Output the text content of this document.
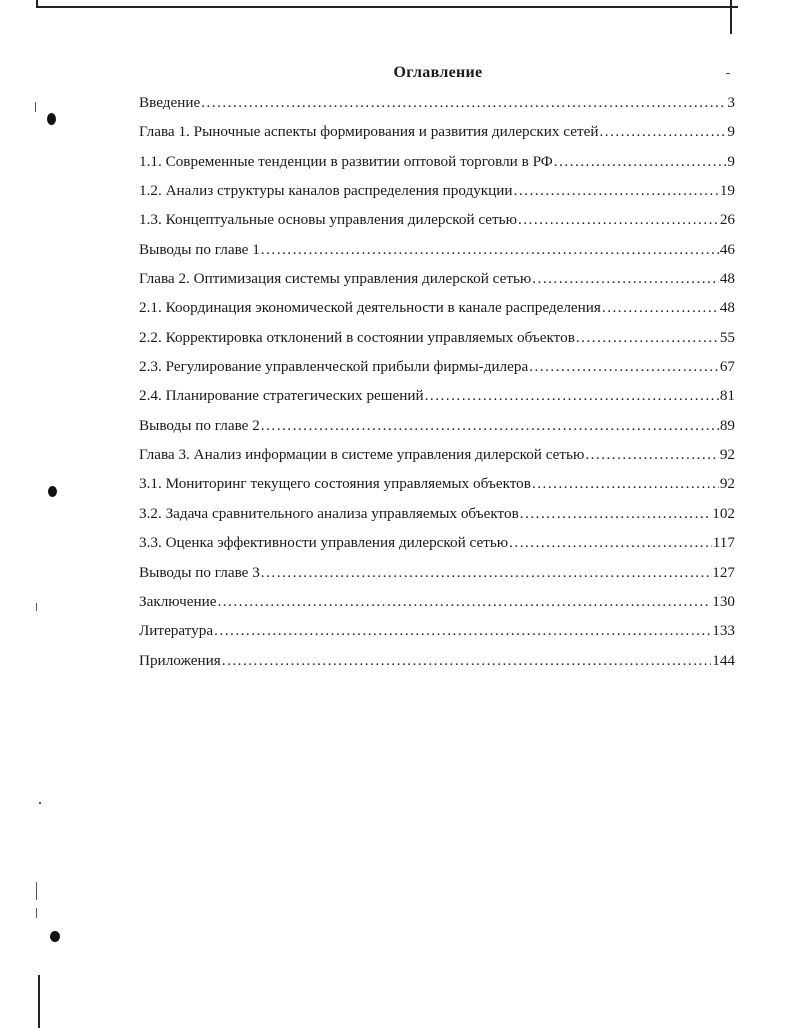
Оглавление
Введение .....	3
Глава 1. Рыночные аспекты формирования и развития дилерских сетей .....	9
1.1. Современные тенденции в развитии оптовой торговли в РФ .....	9
1.2. Анализ структуры каналов распределения продукции .....	19
1.3. Концептуальные основы управления дилерской сетью .....	26
Выводы по главе 1 .....	46
Глава 2. Оптимизация системы управления дилерской сетью .....	48
2.1. Координация экономической деятельности в канале распределения .....	48
2.2. Корректировка отклонений в состоянии управляемых объектов .....	55
2.3. Регулирование управленческой прибыли фирмы-дилера .....	67
2.4. Планирование стратегических решений .....	81
Выводы по главе 2 .....	89
Глава 3. Анализ информации в системе управления дилерской сетью .....	92
3.1. Мониторинг текущего состояния управляемых объектов .....	92
3.2. Задача сравнительного анализа управляемых объектов .....	102
3.3. Оценка эффективности управления дилерской сетью .....	117
Выводы по главе 3 .....	127
Заключение .....	130
Литература .....	133
Приложения .....	144
